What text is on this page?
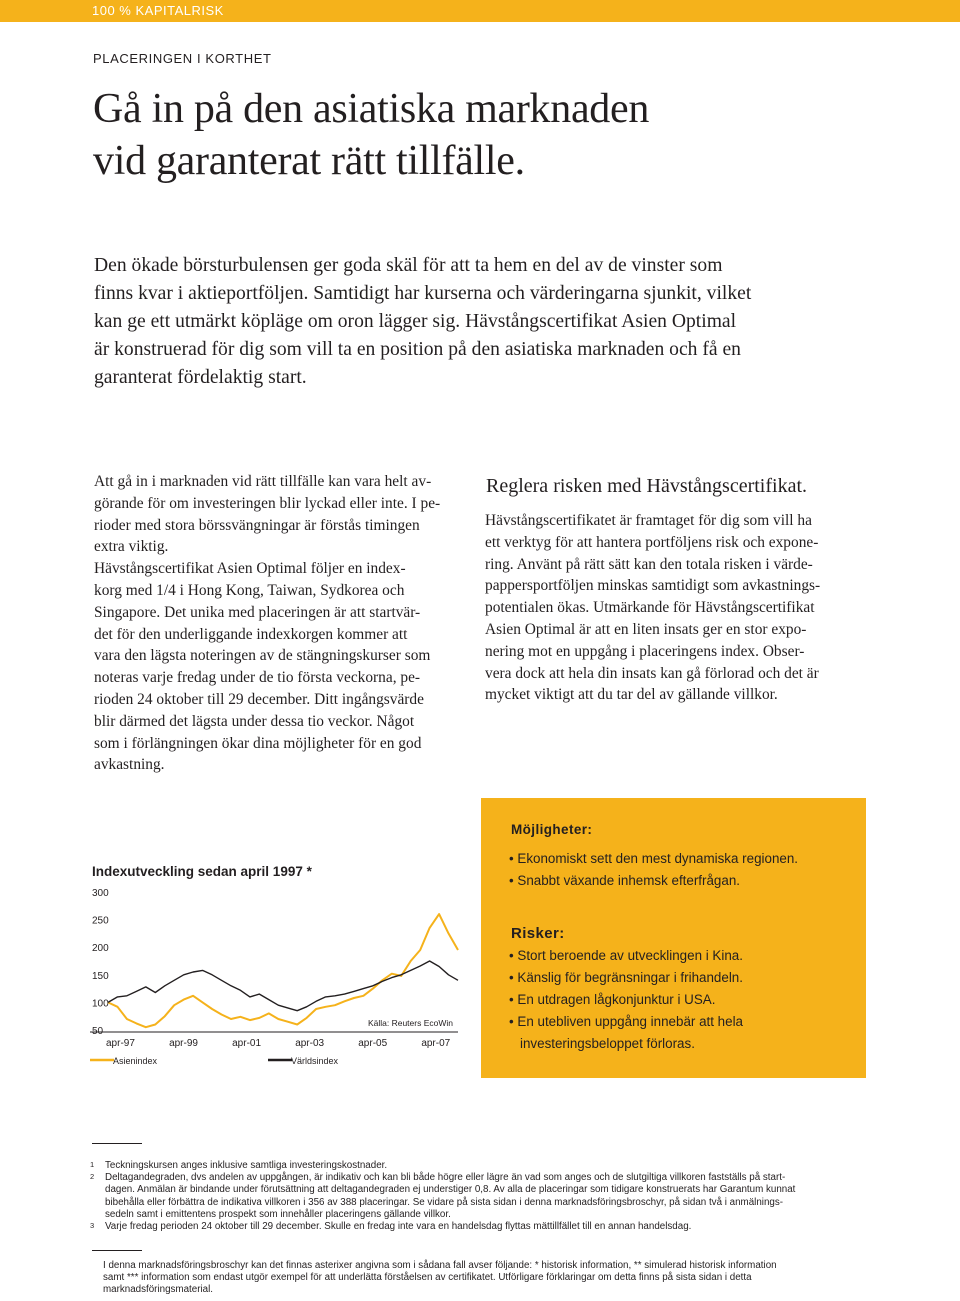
100 % KAPITALRISK
PLACERINGEN I KORTHET
Gå in på den asiatiska marknaden
vid garanterat rätt tillfälle.
Den ökade börsturbulensen ger goda skäl för att ta hem en del av de vinster som
finns kvar i aktieportföljen. Samtidigt har kurserna och värderingarna sjunkit, vilket
kan ge ett utmärkt köpläge om oron lägger sig. Hävstångscertifikat Asien Optimal
är konstruerad för dig som vill ta en position på den asiatiska marknaden och få en
garanterat fördelaktig start.
Att gå in i marknaden vid rätt tillfälle kan vara helt av-
görande för om investeringen blir lyckad eller inte. I pe-
rioder med stora börssvängningar är förstås timingen
extra viktig.
Hävstångscertifikat Asien Optimal följer en index-
korg med 1/4 i Hong Kong, Taiwan, Sydkorea och
Singapore. Det unika med placeringen är att startvär-
det för den underliggande indexkorgen kommer att
vara den lägsta noteringen av de stängningskurser som
noteras varje fredag under de tio första veckorna, pe-
rioden 24 oktober till 29 december. Ditt ingångsvärde
blir därmed det lägsta under dessa tio veckor. Något
som i förlängningen ökar dina möjligheter för en god
avkastning.
Reglera risken med Hävstångscertifikat.
Hävstångscertifikatet är framtaget för dig som vill ha
ett verktyg för att hantera portföljens risk och expone-
ring. Använt på rätt sätt kan den totala risken i värde-
pappersportföljen minskas samtidigt som avkastnings-
potentialen ökas. Utmärkande för Hävstångscertifikat
Asien Optimal är att en liten insats ger en stor expo-
nering mot en uppgång i placeringens index. Obser-
vera dock att hela din insats kan gå förlorad och det är
mycket viktigt att du tar del av gällande villkor.
Möjligheter:
• Ekonomiskt sett den mest dynamiska regionen.
• Snabbt växande inhemsk efterfrågan.
Risker:
• Stort beroende av utvecklingen i Kina.
• Känslig för begränsningar i frihandeln.
• En utdragen lågkonjunktur i USA.
• En utebliven uppgång innebär att hela
investeringsbeloppet förloras.
Indexutveckling sedan april 1997 *
300
250
200
150
100
50
apr-97	apr-99	apr-01	apr-03	apr-05	apr-07
Källa: Reuters EcoWin
Asienindex	Världsindex
1 Teckningskursen anges inklusive samtliga investeringskostnader.
2 Deltagandegraden, dvs andelen av uppgången, är indikativ och kan bli både högre eller lägre än vad som anges och de slutgiltiga villkoren fastställs på start-
dagen. Anmälan är bindande under förutsättning att deltagandegraden ej understiger 0,8. Av alla de placeringar som tidigare konstruerats har Garantum kunnat
bibehålla eller förbättra de indikativa villkoren i 356 av 388 placeringar. Se vidare på sista sidan i denna marknadsföringsbroschyr, på sidan två i anmälnings-
sedeln samt i emittentens prospekt som innehåller placeringens gällande villkor.
3 Varje fredag perioden 24 oktober till 29 december. Skulle en fredag inte vara en handelsdag flyttas mättillfället till en annan handelsdag.
I denna marknadsföringsbroschyr kan det finnas asterixer angivna som i sådana fall avser följande: * historisk information, ** simulerad historisk information
samt *** information som endast utgör exempel för att underlätta förståelsen av certifikatet. Utförligare förklaringar om detta finns på sista sidan i detta
marknadsföringsmaterial.
